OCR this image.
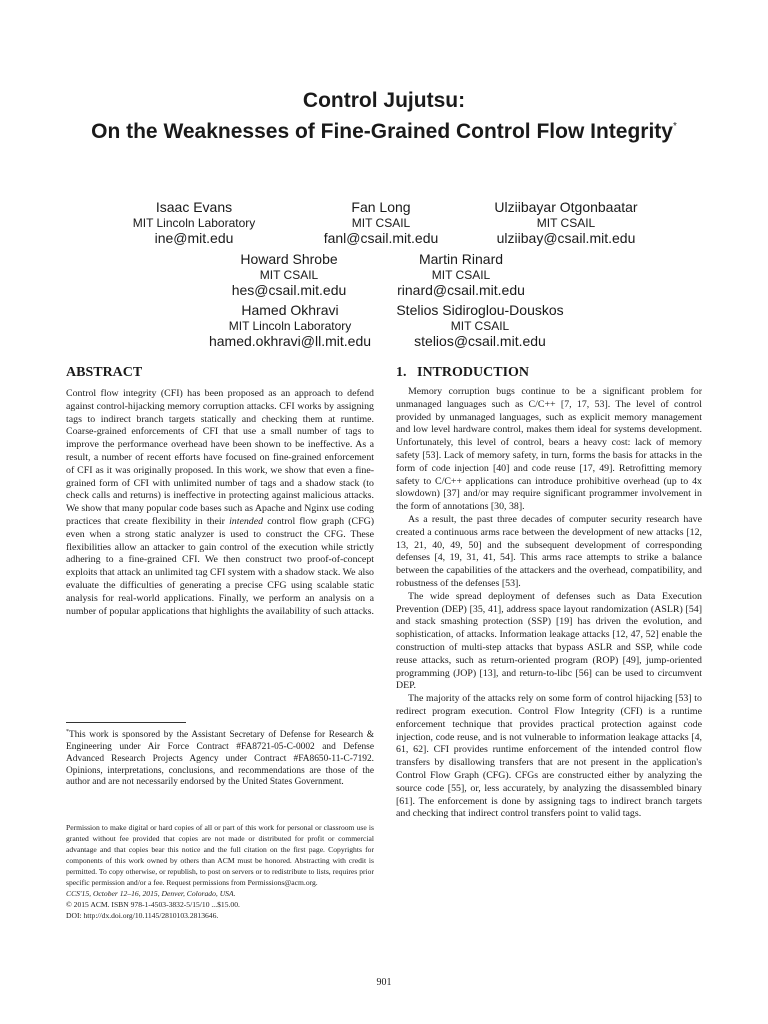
Control Jujutsu:
On the Weaknesses of Fine-Grained Control Flow Integrity*
Isaac Evans
MIT Lincoln Laboratory
ine@mit.edu
Fan Long
MIT CSAIL
fanl@csail.mit.edu
Ulziibayar Otgonbaatar
MIT CSAIL
ulziibay@csail.mit.edu
Howard Shrobe
MIT CSAIL
hes@csail.mit.edu
Martin Rinard
MIT CSAIL
rinard@csail.mit.edu
Hamed Okhravi
MIT Lincoln Laboratory
hamed.okhravi@ll.mit.edu
Stelios Sidiroglou-Douskos
MIT CSAIL
stelios@csail.mit.edu
ABSTRACT

Control flow integrity (CFI) has been proposed as an approach to defend against control-hijacking memory corruption attacks. CFI works by assigning tags to indirect branch targets statically and checking them at runtime. Coarse-grained enforcements of CFI that use a small number of tags to improve the performance overhead have been shown to be ineffective. As a result, a number of recent efforts have focused on fine-grained enforcement of CFI as it was originally proposed. In this work, we show that even a fine-grained form of CFI with unlimited number of tags and a shadow stack (to check calls and returns) is ineffective in protecting against malicious attacks. We show that many popular code bases such as Apache and Nginx use coding practices that create flexibility in their intended control flow graph (CFG) even when a strong static analyzer is used to construct the CFG. These flexibilities allow an attacker to gain control of the execution while strictly adhering to a fine-grained CFI. We then construct two proof-of-concept exploits that attack an unlimited tag CFI system with a shadow stack. We also evaluate the difficulties of generating a precise CFG using scalable static analysis for real-world applications. Finally, we perform an analysis on a number of popular applications that highlights the availability of such attacks.

*This work is sponsored by the Assistant Secretary of Defense for Research & Engineering under Air Force Contract #FA8721-05-C-0002 and Defense Advanced Research Projects Agency under Contract #FA8650-11-C-7192. Opinions, interpretations, conclusions, and recommendations are those of the author and are not necessarily endorsed by the United States Government.

Permission to make digital or hard copies of all or part of this work for personal or classroom use is granted without fee provided that copies are not made or distributed for profit or commercial advantage and that copies bear this notice and the full citation on the first page. Copyrights for components of this work owned by others than ACM must be honored. Abstracting with credit is permitted. To copy otherwise, or republish, to post on servers or to redistribute to lists, requires prior specific permission and/or a fee. Request permissions from Permissions@acm.org.

CCS'15, October 12–16, 2015, Denver, Colorado, USA.

© 2015 ACM. ISBN 978-1-4503-3832-5/15/10 ...$15.00.

DOI: http://dx.doi.org/10.1145/2810103.2813646.

1.   INTRODUCTION

Memory corruption bugs continue to be a significant problem for unmanaged languages such as C/C++ [7, 17, 53]. The level of control provided by unmanaged languages, such as explicit memory management and low level hardware control, makes them ideal for systems development. Unfortunately, this level of control, bears a heavy cost: lack of memory safety [53]. Lack of memory safety, in turn, forms the basis for attacks in the form of code injection [40] and code reuse [17, 49]. Retrofitting memory safety to C/C++ applications can introduce prohibitive overhead (up to 4x slowdown) [37] and/or may require significant programmer involvement in the form of annotations [30, 38].

As a result, the past three decades of computer security research have created a continuous arms race between the development of new attacks [12, 13, 21, 40, 49, 50] and the subsequent development of corresponding defenses [4, 19, 31, 41, 54]. This arms race attempts to strike a balance between the capabilities of the attackers and the overhead, compatibility, and robustness of the defenses [53].

The wide spread deployment of defenses such as Data Execution Prevention (DEP) [35, 41], address space layout randomization (ASLR) [54] and stack smashing protection (SSP) [19] has driven the evolution, and sophistication, of attacks. Information leakage attacks [12, 47, 52] enable the construction of multi-step attacks that bypass ASLR and SSP, while code reuse attacks, such as return-oriented program (ROP) [49], jump-oriented programming (JOP) [13], and return-to-libc [56] can be used to circumvent DEP.

The majority of the attacks rely on some form of control hijacking [53] to redirect program execution. Control Flow Integrity (CFI) is a runtime enforcement technique that provides practical protection against code injection, code reuse, and is not vulnerable to information leakage attacks [4, 61, 62]. CFI provides runtime enforcement of the intended control flow transfers by disallowing transfers that are not present in the application's Control Flow Graph (CFG). CFGs are constructed either by analyzing the source code [55], or, less accurately, by analyzing the disassembled binary [61]. The enforcement is done by assigning tags to indirect branch targets and checking that indirect control transfers point to valid tags.

901
